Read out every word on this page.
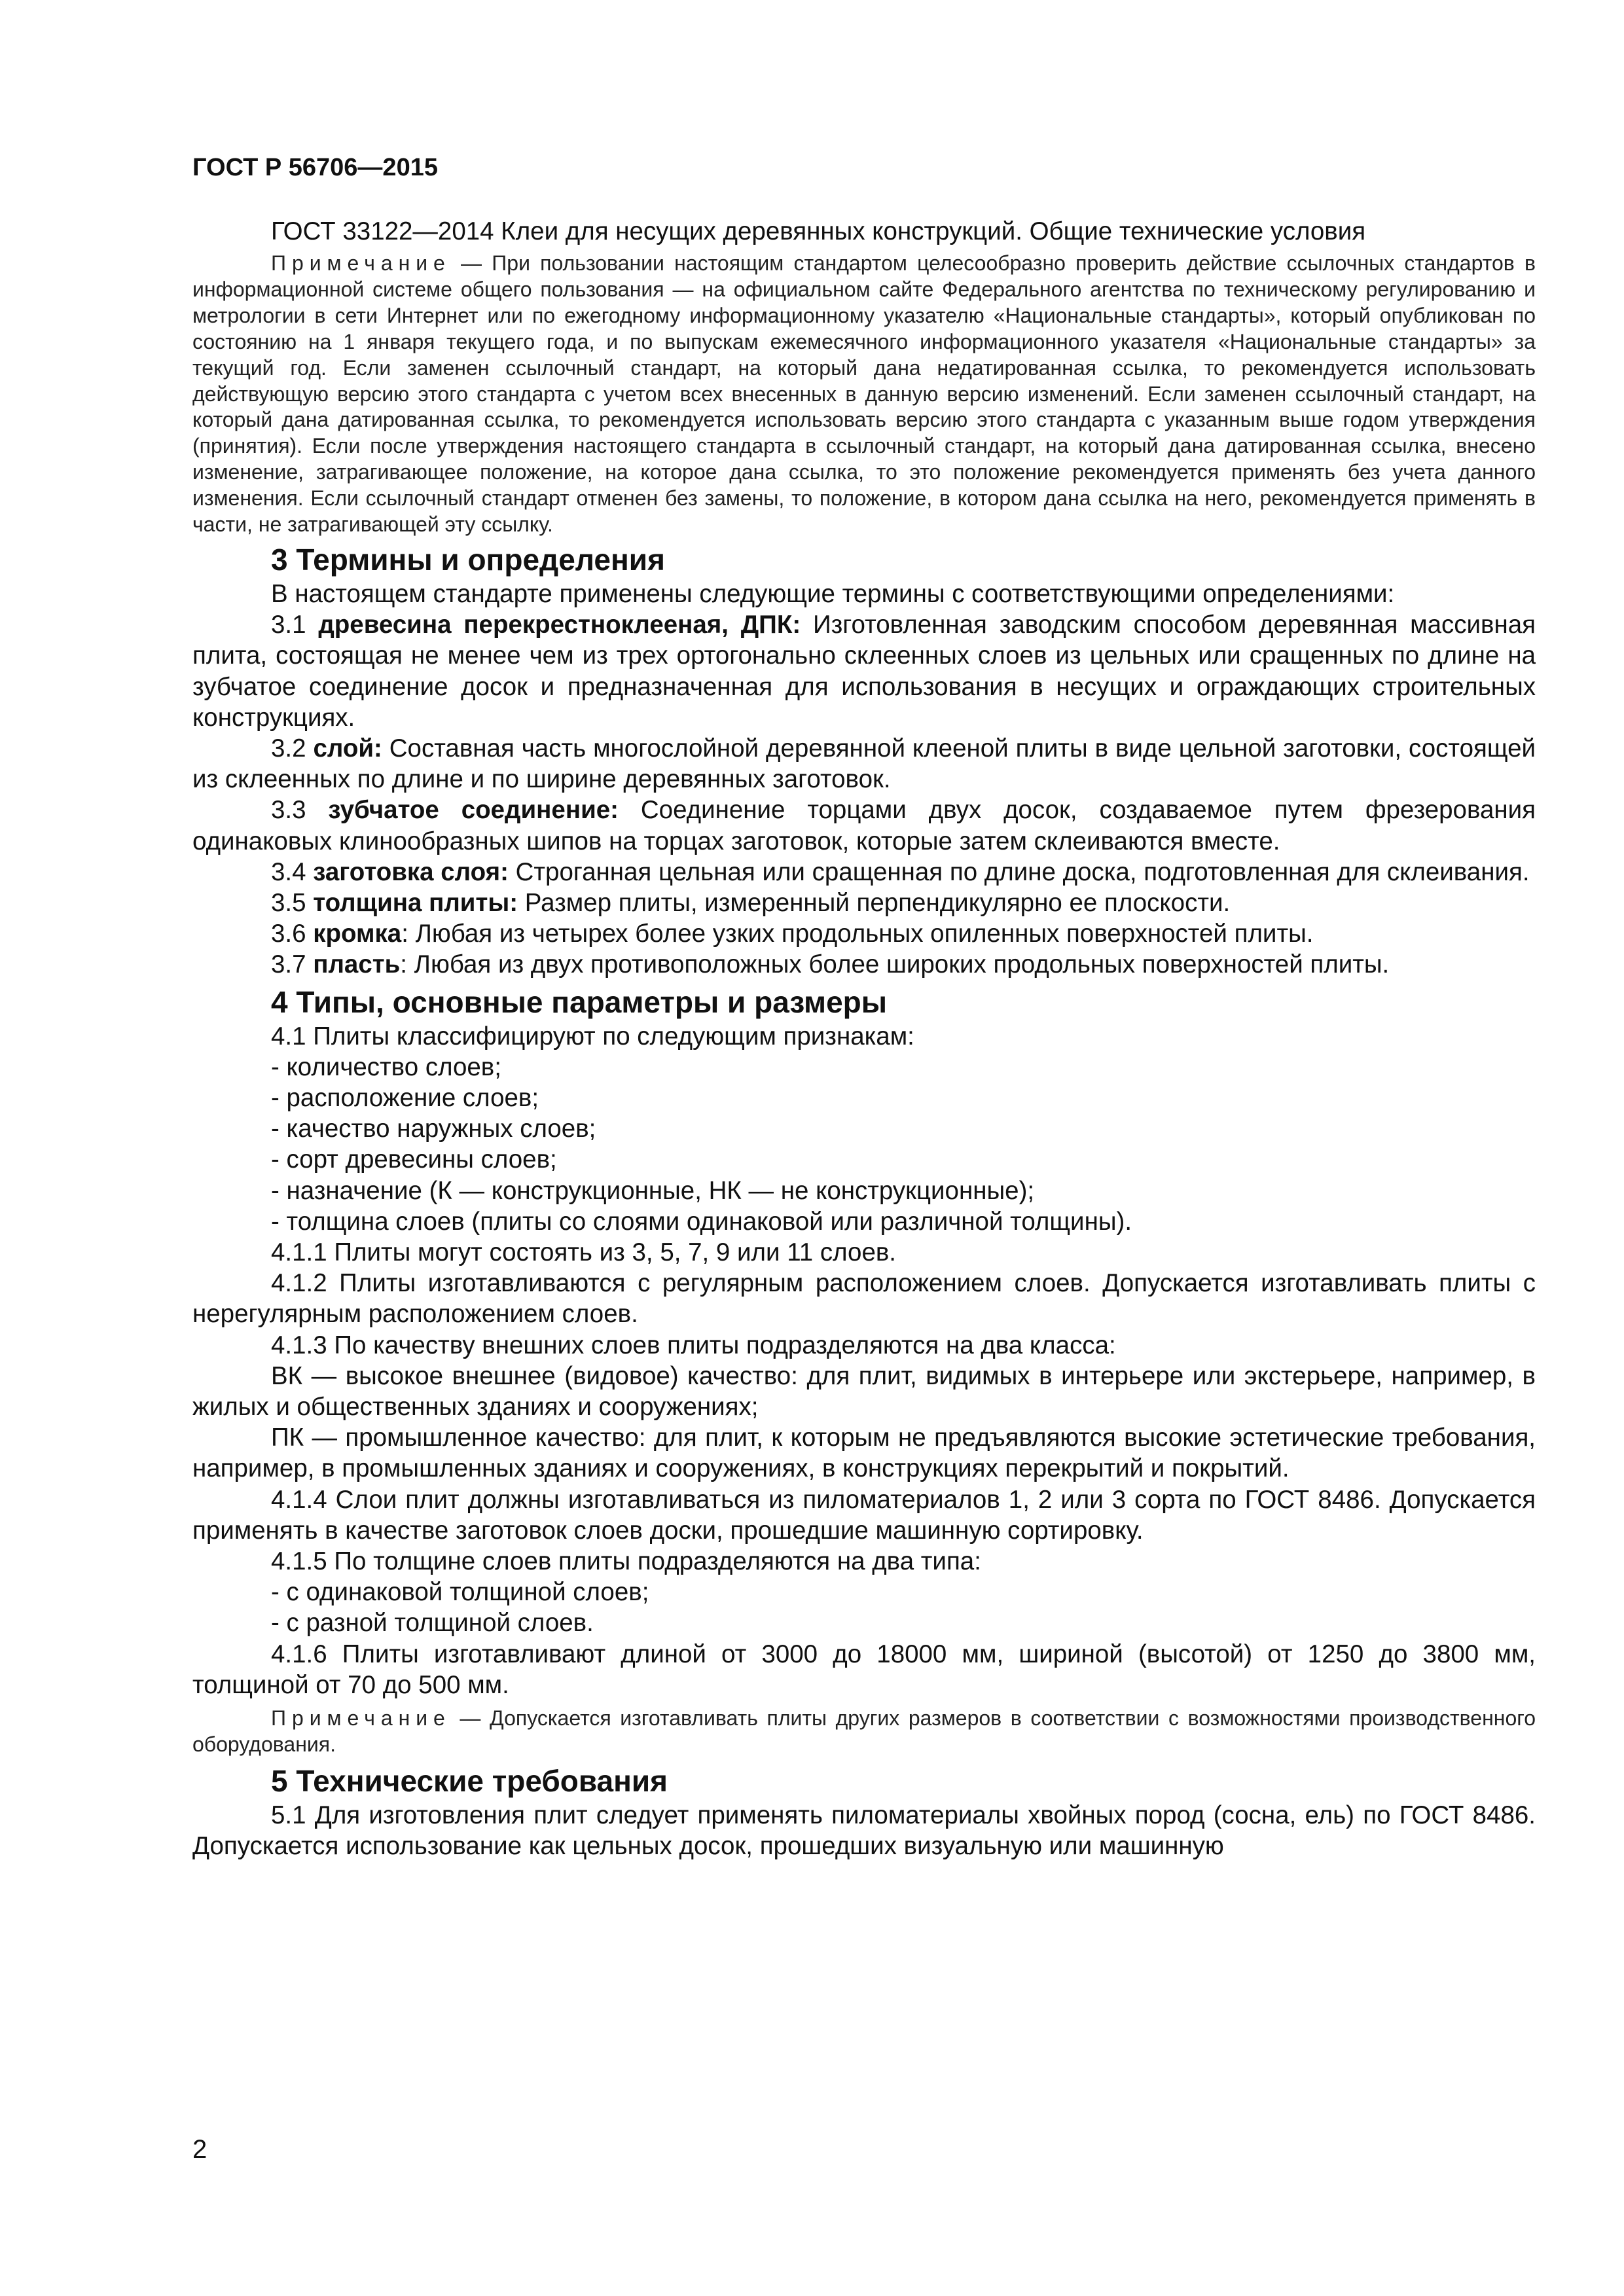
ГОСТ Р 56706—2015

ГОСТ 33122—2014 Клеи для несущих деревянных конструкций. Общие технические условия

Примечание — При пользовании настоящим стандартом целесообразно проверить действие ссылочных стандартов в информационной системе общего пользования — на официальном сайте Федерального агентства по техническому регулированию и метрологии в сети Интернет или по ежегодному информационному указателю «Национальные стандарты», который опубликован по состоянию на 1 января текущего года, и по выпускам ежемесячного информационного указателя «Национальные стандарты» за текущий год. Если заменен ссылочный стандарт, на который дана недатированная ссылка, то рекомендуется использовать действующую версию этого стандарта с учетом всех внесенных в данную версию изменений. Если заменен ссылочный стандарт, на который дана датированная ссылка, то рекомендуется использовать версию этого стандарта с указанным выше годом утверждения (принятия). Если после утверждения настоящего стандарта в ссылочный стандарт, на который дана датированная ссылка, внесено изменение, затрагивающее положение, на которое дана ссылка, то это положение рекомендуется применять без учета данного изменения. Если ссылочный стандарт отменен без замены, то положение, в котором дана ссылка на него, рекомендуется применять в части, не затрагивающей эту ссылку.

3 Термины и определения

В настоящем стандарте применены следующие термины с соответствующими определениями:

3.1 древесина перекрестноклееная, ДПК: Изготовленная заводским способом деревянная массивная плита, состоящая не менее чем из трех ортогонально склеенных слоев из цельных или сращенных по длине на зубчатое соединение досок и предназначенная для использования в несущих и ограждающих строительных конструкциях.

3.2 слой: Составная часть многослойной деревянной клееной плиты в виде цельной заготовки, состоящей из склеенных по длине и по ширине деревянных заготовок.

3.3 зубчатое соединение: Соединение торцами двух досок, создаваемое путем фрезерования одинаковых клинообразных шипов на торцах заготовок, которые затем склеиваются вместе.

3.4 заготовка слоя: Строганная цельная или сращенная по длине доска, подготовленная для склеивания.

3.5 толщина плиты: Размер плиты, измеренный перпендикулярно ее плоскости.

3.6 кромка: Любая из четырех более узких продольных опиленных поверхностей плиты.

3.7 пласть: Любая из двух противоположных более широких продольных поверхностей плиты.

4 Типы, основные параметры и размеры

4.1 Плиты классифицируют по следующим признакам:

- количество слоев;

- расположение слоев;

- качество наружных слоев;

- сорт древесины слоев;

- назначение (К — конструкционные, НК — не конструкционные);

- толщина слоев (плиты со слоями одинаковой или различной толщины).

4.1.1 Плиты могут состоять из 3, 5, 7, 9 или 11 слоев.

4.1.2 Плиты изготавливаются с регулярным расположением слоев. Допускается изготавливать плиты с нерегулярным расположением слоев.

4.1.3 По качеству внешних слоев плиты подразделяются на два класса:

ВК — высокое внешнее (видовое) качество: для плит, видимых в интерьере или экстерьере, например, в жилых и общественных зданиях и сооружениях;

ПК — промышленное качество: для плит, к которым не предъявляются высокие эстетические требования, например, в промышленных зданиях и сооружениях, в конструкциях перекрытий и покрытий.

4.1.4 Слои плит должны изготавливаться из пиломатериалов 1, 2 или 3 сорта по ГОСТ 8486. Допускается применять в качестве заготовок слоев доски, прошедшие машинную сортировку.

4.1.5 По толщине слоев плиты подразделяются на два типа:

- с одинаковой толщиной слоев;

- с разной толщиной слоев.

4.1.6 Плиты изготавливают длиной от 3000 до 18000 мм, шириной (высотой) от 1250 до 3800 мм, толщиной от 70 до 500 мм.

Примечание — Допускается изготавливать плиты других размеров в соответствии с возможностями производственного оборудования.

5 Технические требования

5.1 Для изготовления плит следует применять пиломатериалы хвойных пород (сосна, ель) по ГОСТ 8486. Допускается использование как цельных досок, прошедших визуальную или машинную

2
